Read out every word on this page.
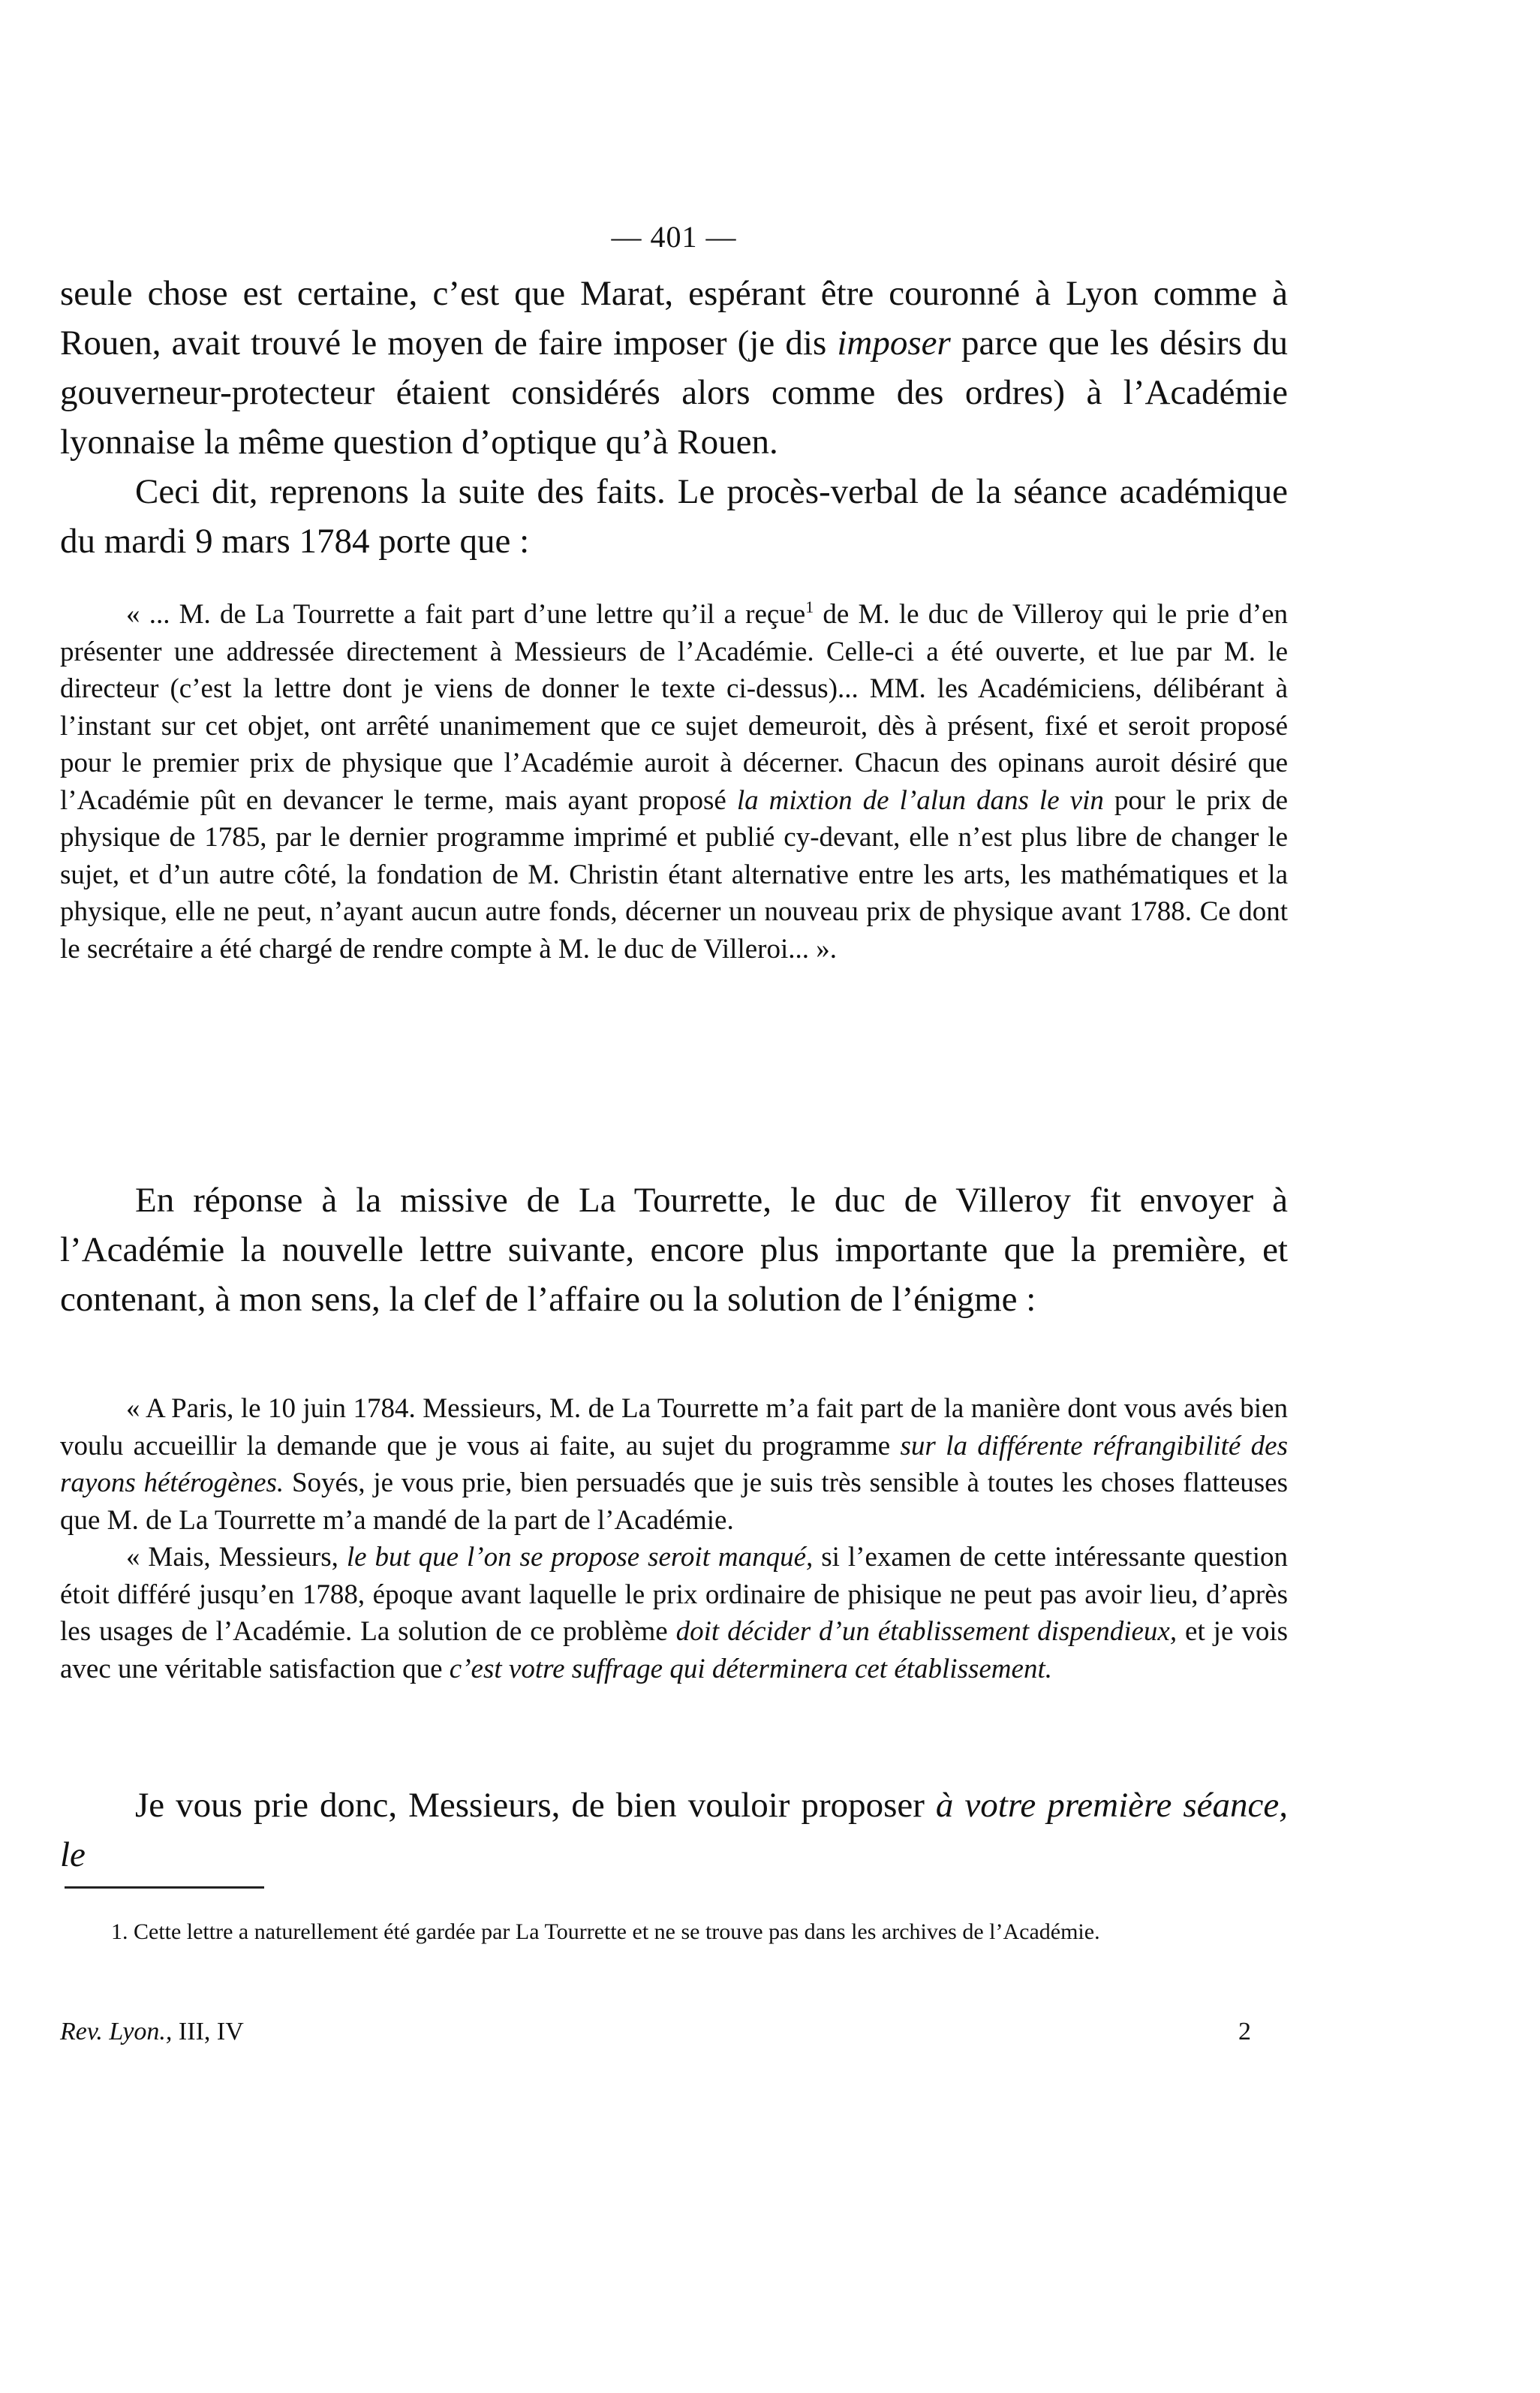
— 401 —

seule chose est certaine, c’est que Marat, espérant être couronné à Lyon comme à Rouen, avait trouvé le moyen de faire imposer (je dis imposer parce que les désirs du gouverneur-protecteur étaient considérés alors comme des ordres) à l’Académie lyonnaise la même question d’optique qu’à Rouen.

Ceci dit, reprenons la suite des faits. Le procès-verbal de la séance académique du mardi 9 mars 1784 porte que :

« ... M. de La Tourrette a fait part d’une lettre qu’il a reçue$^1$ de M. le duc de Villeroy qui le prie d’en présenter une addressée directement à Messieurs de l’Académie. Celle-ci a été ouverte, et lue par M. le directeur (c’est la lettre dont je viens de donner le texte ci-dessus)... MM. les Académiciens, délibérant à l’instant sur cet objet, ont arrêté unanimement que ce sujet demeuroit, dès à présent, fixé et seroit proposé pour le premier prix de physique que l’Académie auroit à décerner. Chacun des opinans auroit désiré que l’Académie pût en devancer le terme, mais ayant proposé la mixtion de l’alun dans le vin pour le prix de physique de 1785, par le dernier programme imprimé et publié cy-devant, elle n’est plus libre de changer le sujet, et d’un autre côté, la fondation de M. Christin étant alternative entre les arts, les mathématiques et la physique, elle ne peut, n’ayant aucun autre fonds, décerner un nouveau prix de physique avant 1788. Ce dont le secrétaire a été chargé de rendre compte à M. le duc de Villeroi... ».

En réponse à la missive de La Tourrette, le duc de Villeroy fit envoyer à l’Académie la nouvelle lettre suivante, encore plus importante que la première, et contenant, à mon sens, la clef de l’affaire ou la solution de l’énigme :

« A Paris, le 10 juin 1784. Messieurs, M. de La Tourrette m’a fait part de la manière dont vous avés bien voulu accueillir la demande que je vous ai faite, au sujet du programme sur la différente réfrangibilité des rayons hétérogènes. Soyés, je vous prie, bien persuadés que je suis très sensible à toutes les choses flatteuses que M. de La Tourrette m’a mandé de la part de l’Académie.

« Mais, Messieurs, le but que l’on se propose seroit manqué, si l’examen de cette intéressante question étoit différé jusqu’en 1788, époque avant laquelle le prix ordinaire de phisique ne peut pas avoir lieu, d’après les usages de l’Académie. La solution de ce problème doit décider d’un établissement dispendieux, et je vois avec une véritable satisfaction que c’est votre suffrage qui déterminera cet établissement.

Je vous prie donc, Messieurs, de bien vouloir proposer à votre première séance, le

1. Cette lettre a naturellement été gardée par La Tourrette et ne se trouve pas dans les archives de l’Académie.

Rev. Lyon., III, IV	2
